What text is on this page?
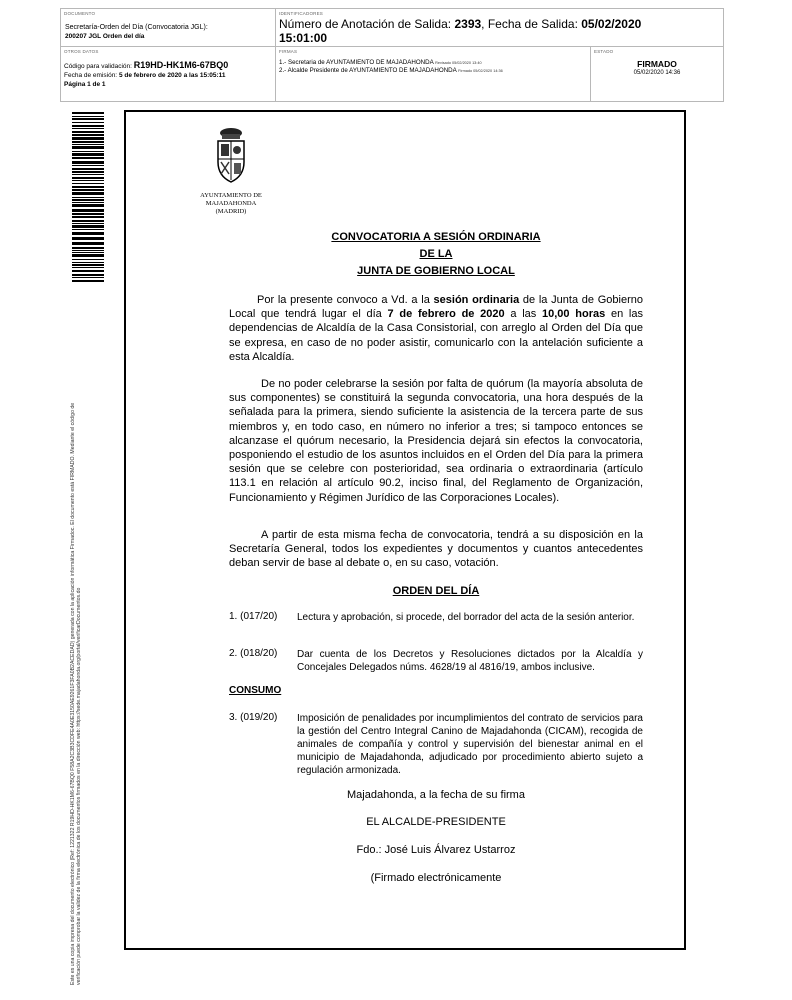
DOCUMENTO
Secretaría-Orden del Día (Convocatoria JGL):
200207 JGL Orden del día
IDENTIFICADORES
Número de Anotación de Salida: 2393, Fecha de Salida: 05/02/2020
15:01:00
OTROS DATOS
Código para validación: R19HD-HK1M6-67BQ0
Fecha de emisión: 5 de febrero de 2020 a las 15:05:11
Página 1 de 1
FIRMAS
1.- Secretaria de AYUNTAMIENTO DE MAJADAHONDA Revisado 05/02/2020 13:40
2.- Alcalde Presidente de AYUNTAMIENTO DE MAJADAHONDA Firmado 05/02/2020 14:36
ESTADO
FIRMADO
05/02/2020 14:36
Este es una copia impresa del documento electrónico (Ref: 1221322 R19HD-HK1M6-67BQ0 F58A2C3B3CDFE4A0E3150AE9261F3FA0B2ACEDAD) generada con la aplicación informática Firmadoc. El documento está FIRMADO. Mediante el código de verificación puede comprobar la validez de la firma electrónica de los documentos firmados en la dirección web: https://sede.majadahonda.org/portal/verificarDocumentos.do
AYUNTAMIENTO DE
MAJADAHONDA
(MADRID)
CONVOCATORIA A SESIÓN ORDINARIA
DE LA
JUNTA DE GOBIERNO LOCAL
Por la presente convoco a Vd. a la sesión ordinaria de la Junta de Gobierno Local que tendrá lugar el día 7 de febrero de 2020 a las 10,00 horas en las dependencias de Alcaldía de la Casa Consistorial, con arreglo al Orden del Día que se expresa, en caso de no poder asistir, comunicarlo con la antelación suficiente a esta Alcaldía.
De no poder celebrarse la sesión por falta de quórum (la mayoría absoluta de sus componentes) se constituirá la segunda convocatoria, una hora después de la señalada para la primera, siendo suficiente la asistencia de la tercera parte de sus miembros y, en todo caso, en número no inferior a tres; si tampoco entonces se alcanzase el quórum necesario, la Presidencia dejará sin efectos la convocatoria, posponiendo el estudio de los asuntos incluidos en el Orden del Día para la primera sesión que se celebre con posterioridad, sea ordinaria o extraordinaria (artículo 113.1 en relación al artículo 90.2, inciso final, del Reglamento de Organización, Funcionamiento y Régimen Jurídico de las Corporaciones Locales).
A partir de esta misma fecha de convocatoria, tendrá a su disposición en la Secretaría General, todos los expedientes y documentos y cuantos antecedentes deban servir de base al debate o, en su caso, votación.
ORDEN DEL DÍA
1. (017/20) Lectura y aprobación, si procede, del borrador del acta de la sesión anterior.
2. (018/20) Dar cuenta de los Decretos y Resoluciones dictados por la Alcaldía y Concejales Delegados núms. 4628/19 al 4816/19, ambos inclusive.
CONSUMO
3. (019/20) Imposición de penalidades por incumplimientos del contrato de servicios para la gestión del Centro Integral Canino de Majadahonda (CICAM), recogida de animales de compañía y control y supervisión del bienestar animal en el municipio de Majadahonda, adjudicado por procedimiento abierto sujeto a regulación armonizada.
Majadahonda, a la fecha de su firma
EL ALCALDE-PRESIDENTE
Fdo.: José Luis Álvarez Ustarroz
(Firmado electrónicamente
